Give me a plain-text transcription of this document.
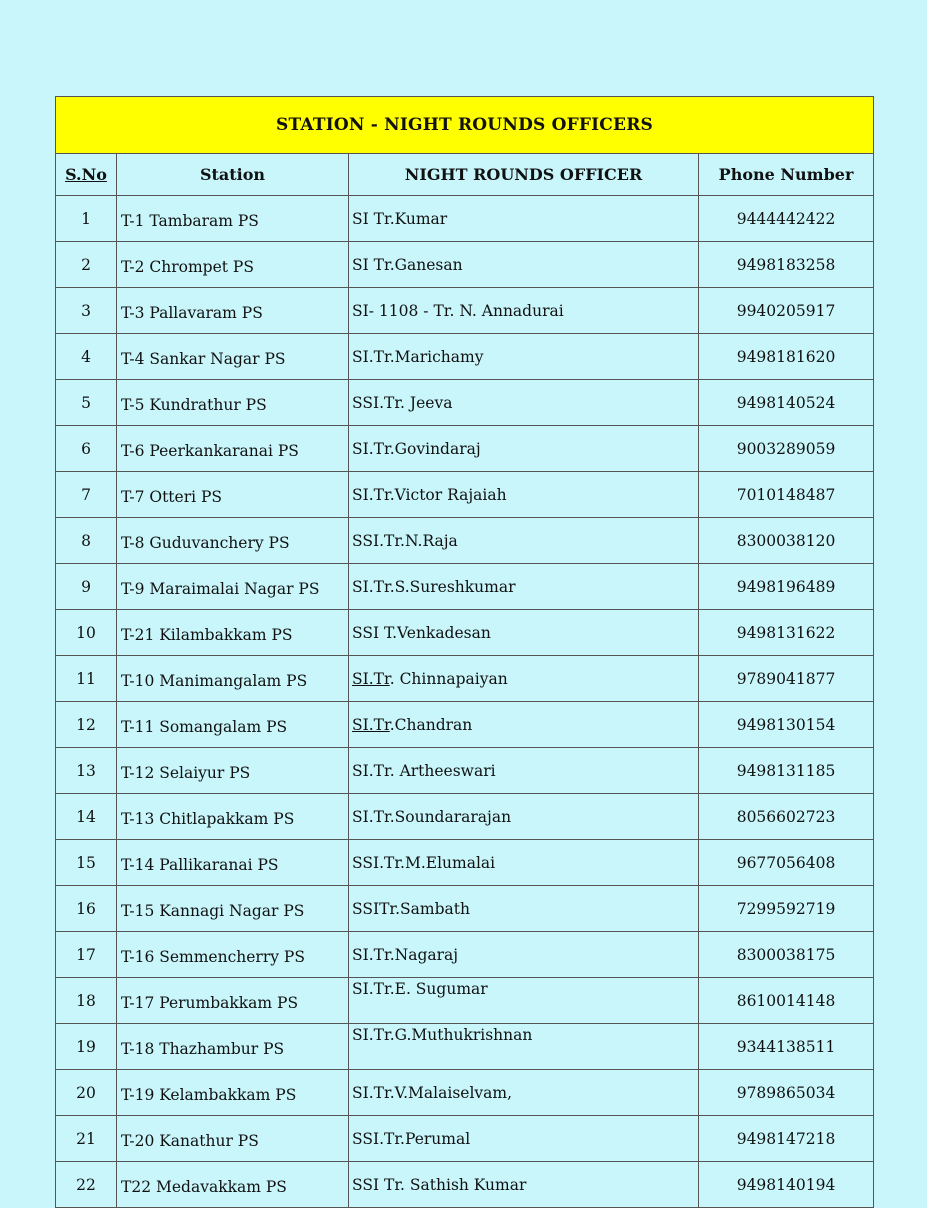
STATION - NIGHT ROUNDS OFFICERS			
S.No	Station	NIGHT ROUNDS OFFICER	Phone Number
1	T-1 Tambaram PS	SI Tr.Kumar	9444442422
2	T-2 Chrompet PS	SI Tr.Ganesan	9498183258
3	T-3 Pallavaram PS	SI- 1108 - Tr. N. Annadurai	9940205917
4	T-4 Sankar Nagar PS	SI.Tr.Marichamy	9498181620
5	T-5 Kundrathur PS	SSI.Tr. Jeeva	9498140524
6	T-6 Peerkankaranai PS	SI.Tr.Govindaraj	9003289059
7	T-7 Otteri PS	SI.Tr.Victor Rajaiah	7010148487
8	T-8 Guduvanchery PS	SSI.Tr.N.Raja	8300038120
9	T-9 Maraimalai Nagar PS	SI.Tr.S.Sureshkumar	9498196489
10	T-21 Kilambakkam PS	SSI T.Venkadesan	9498131622
11	T-10 Manimangalam PS	SI.Tr. Chinnapaiyan	9789041877
12	T-11 Somangalam PS	SI.Tr.Chandran	9498130154
13	T-12 Selaiyur PS	SI.Tr. Artheeswari	9498131185
14	T-13 Chitlapakkam PS	SI.Tr.Soundararajan	8056602723
15	T-14 Pallikaranai PS	SSI.Tr.M.Elumalai	9677056408
16	T-15 Kannagi Nagar PS	SSITr.Sambath	7299592719
17	T-16 Semmencherry PS	SI.Tr.Nagaraj	8300038175
18	T-17 Perumbakkam PS	SI.Tr.E. Sugumar	8610014148
19	T-18 Thazhambur PS	SI.Tr.G.Muthukrishnan	9344138511
20	T-19 Kelambakkam PS	SI.Tr.V.Malaiselvam,	9789865034
21	T-20 Kanathur PS	SSI.Tr.Perumal	9498147218
22	T22 Medavakkam PS	SSI Tr. Sathish Kumar	9498140194
